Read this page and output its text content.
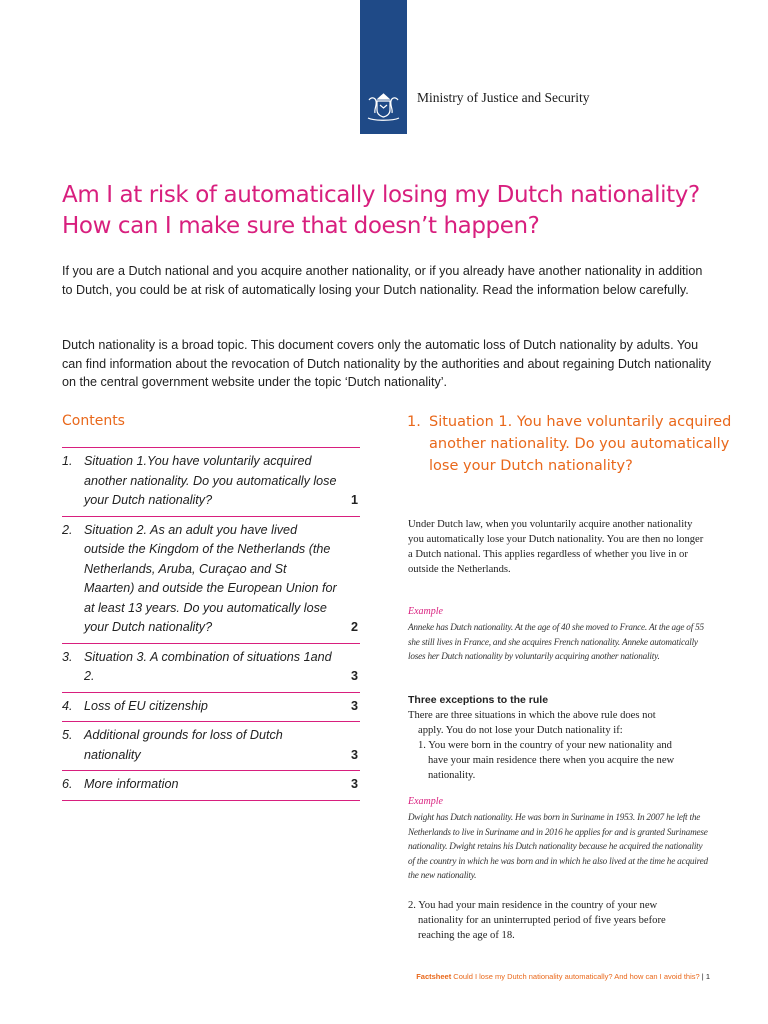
Ministry of Justice and Security
Am I at risk of automatically losing my Dutch nationality?
How can I make sure that doesn’t happen?

If you are a Dutch national and you acquire another nationality, or if you already have another nationality in addition to Dutch, you could be at risk of automatically losing your Dutch nationality. Read the information below carefully.

Dutch nationality is a broad topic. This document covers only the automatic loss of Dutch nationality by adults. You can find information about the revocation of Dutch nationality by the authorities and about regaining Dutch nationality on the central government website under the topic ‘Dutch nationality’.

Contents
1. Situation 1.You have voluntarily acquired another nationality. Do you automatically lose your Dutch nationality?	1
2. Situation 2. As an adult you have lived outside the Kingdom of the Netherlands (the Netherlands, Aruba, Curaçao and St Maarten) and outside the European Union for at least 13 years. Do you automatically lose your Dutch nationality?	2
3. Situation 3. A combination of situations 1and 2.	3
4. Loss of EU citizenship	3
5. Additional grounds for loss of Dutch nationality	3
6. More information	3
1. Situation 1. You have voluntarily acquired another nationality. Do you automatically lose your Dutch nationality?

Under Dutch law, when you voluntarily acquire another nationality you automatically lose your Dutch nationality. You are then no longer a Dutch national. This applies regardless of whether you live in or outside the Netherlands.

Example

Anneke has Dutch nationality. At the age of 40 she moved to France. At the age of 55 she still lives in France, and she acquires French nationality. Anneke automatically loses her Dutch nationality by voluntarily acquiring another nationality.

Three exceptions to the rule

There are three situations in which the above rule does not
apply. You do not lose your Dutch nationality if:
1. You were born in the country of your new nationality and
have your main residence there when you acquire the new nationality.

Example

Dwight has Dutch nationality. He was born in Suriname in 1953. In 2007 he left the Netherlands to live in Suriname and in 2016 he applies for and is granted Surinamese nationality. Dwight retains his Dutch nationality because he acquired the nationality of the country in which he was born and in which he also lived at the time he acquired the new nationality.

2. You had your main residence in the country of your new
nationality for an uninterrupted period of five years before reaching the age of 18.

Factsheet Could I lose my Dutch nationality automatically? And how can I avoid this? | 1
